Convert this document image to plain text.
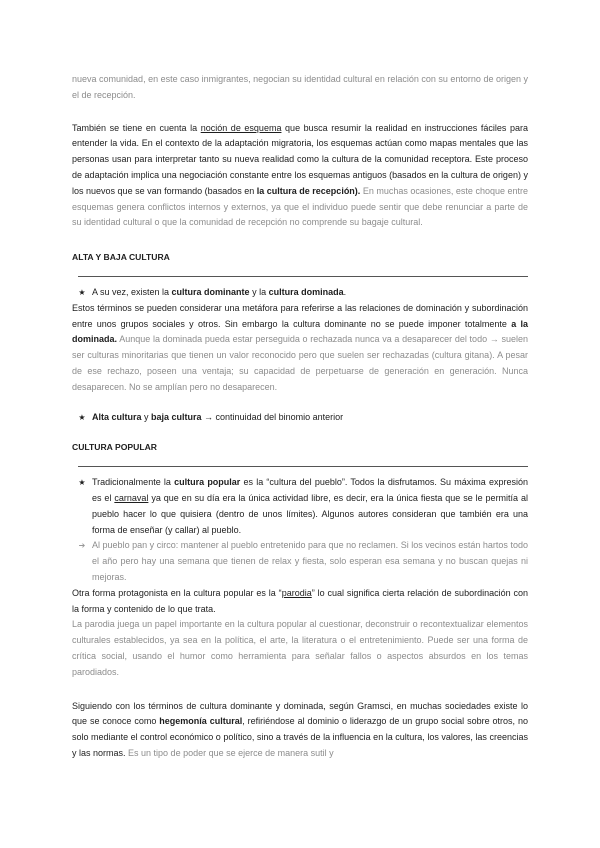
nueva comunidad, en este caso inmigrantes, negocian su identidad cultural en relación con su entorno de origen y el de recepción.

También se tiene en cuenta la noción de esquema que busca resumir la realidad en instrucciones fáciles para entender la vida. En el contexto de la adaptación migratoria, los esquemas actúan como mapas mentales que las personas usan para interpretar tanto su nueva realidad como la cultura de la comunidad receptora. Este proceso de adaptación implica una negociación constante entre los esquemas antiguos (basados en la cultura de origen) y los nuevos que se van formando (basados en la cultura de recepción). En muchas ocasiones, este choque entre esquemas genera conflictos internos y externos, ya que el individuo puede sentir que debe renunciar a parte de su identidad cultural o que la comunidad de recepción no comprende su bagaje cultural.

ALTA Y BAJA CULTURA

★ A su vez, existen la cultura dominante y la cultura dominada.

Estos términos se pueden considerar una metáfora para referirse a las relaciones de dominación y subordinación entre unos grupos sociales y otros. Sin embargo la cultura dominante no se puede imponer totalmente a la dominada. Aunque la dominada pueda estar perseguida o rechazada nunca va a desaparecer del todo → suelen ser culturas minoritarias que tienen un valor reconocido pero que suelen ser rechazadas (cultura gitana). A pesar de ese rechazo, poseen una ventaja; su capacidad de perpetuarse de generación en generación. Nunca desaparecen. No se amplían pero no desaparecen.

★ Alta cultura y baja cultura → continuidad del binomio anterior

CULTURA POPULAR

★ Tradicionalmente la cultura popular es la “cultura del pueblo”. Todos la disfrutamos. Su máxima expresión es el carnaval ya que en su día era la única actividad libre, es decir, era la única fiesta que se le permitía al pueblo hacer lo que quisiera (dentro de unos límites). Algunos autores consideran que también era una forma de enseñar (y callar) al pueblo.
➔ Al pueblo pan y circo: mantener al pueblo entretenido para que no reclamen. Si los vecinos están hartos todo el año pero hay una semana que tienen de relax y fiesta, solo esperan esa semana y no buscan quejas ni mejoras.

Otra forma protagonista en la cultura popular es la “parodia” lo cual significa cierta relación de subordinación con la forma y contenido de lo que trata.

La parodia juega un papel importante en la cultura popular al cuestionar, deconstruir o recontextualizar elementos culturales establecidos, ya sea en la política, el arte, la literatura o el entretenimiento. Puede ser una forma de crítica social, usando el humor como herramienta para señalar fallos o aspectos absurdos en los temas parodiados.

Siguiendo con los términos de cultura dominante y dominada, según Gramsci, en muchas sociedades existe lo que se conoce como hegemonía cultural, refiriéndose al dominio o liderazgo de un grupo social sobre otros, no solo mediante el control económico o político, sino a través de la influencia en la cultura, los valores, las creencias y las normas. Es un tipo de poder que se ejerce de manera sutil y
